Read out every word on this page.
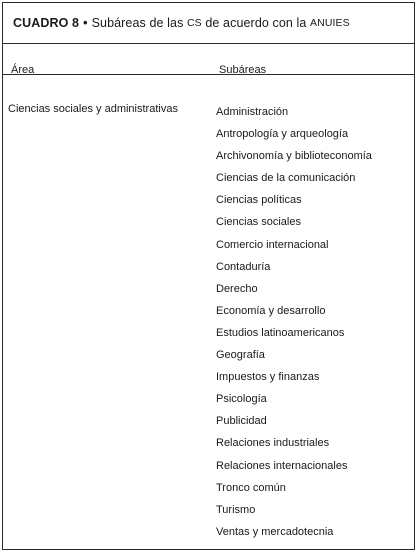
CUADRO 8 • Subáreas de las
CS
de acuerdo con la
ANUIES
Área	Subáreas
Ciencias sociales y administrativas	Administración
Antropología y arqueología
Archivonomía y biblioteconomía
Ciencias de la comunicación
Ciencias políticas
Ciencias sociales
Comercio internacional
Contaduría
Derecho
Economía y desarrollo
Estudios latinoamericanos
Geografía
Impuestos y finanzas
Psicología
Publicidad
Relaciones industriales
Relaciones internacionales
Tronco común
Turismo
Ventas y mercadotecnia
